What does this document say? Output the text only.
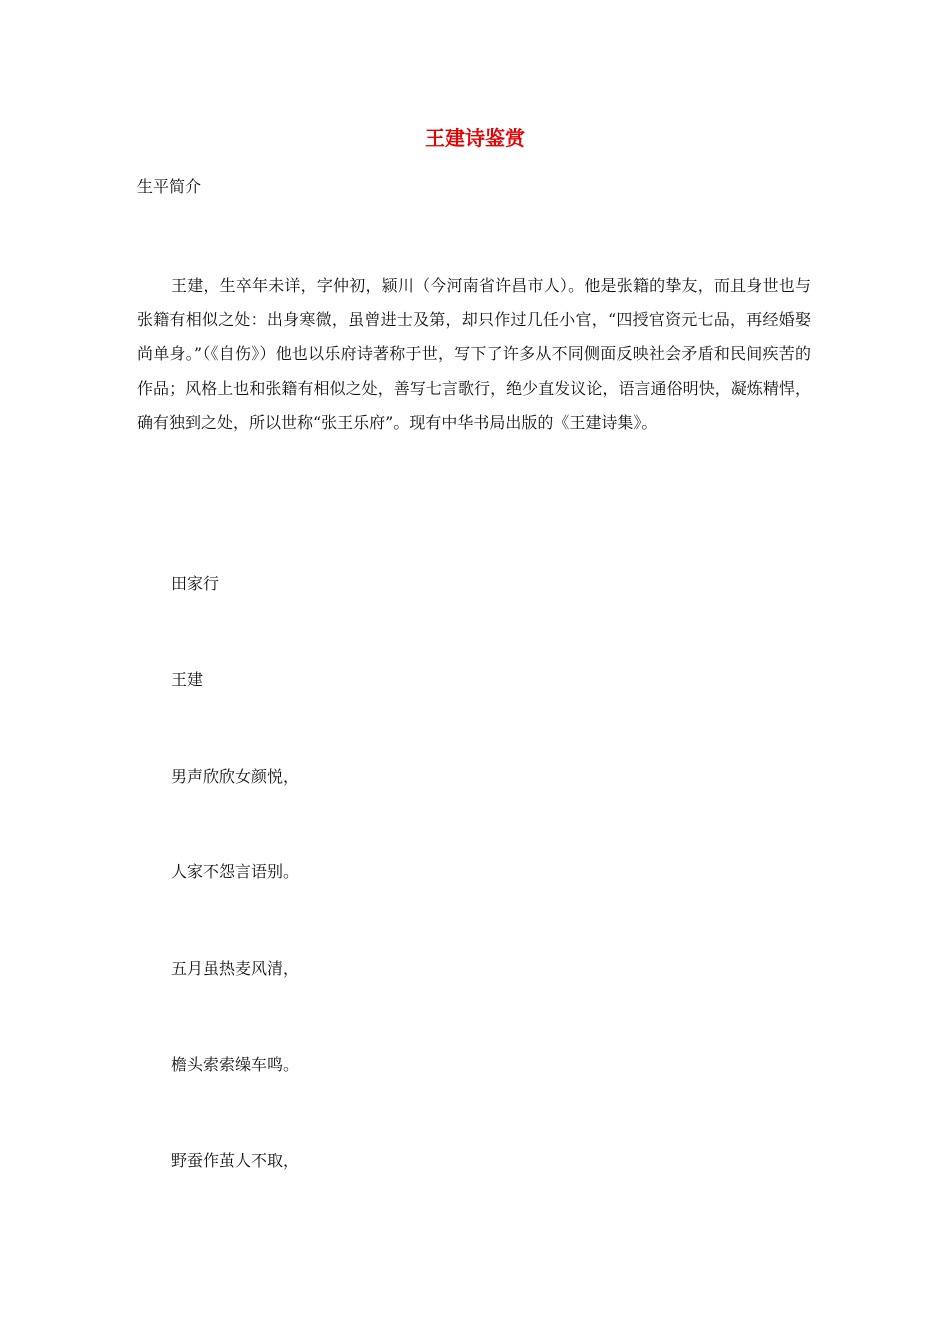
王建诗鉴赏
生平简介

王建，生卒年未详，字仲初，颍川（今河南省许昌市人）。他是张籍的挚友，而且身世也与张籍有相似之处：出身寒微，虽曾进士及第，却只作过几任小官，“四授官资元七品，再经婚娶尚单身。”（《自伤》）他也以乐府诗著称于世，写下了许多从不同侧面反映社会矛盾和民间疾苦的作品；风格上也和张籍有相似之处，善写七言歌行，绝少直发议论，语言通俗明快，凝炼精悍，确有独到之处，所以世称“张王乐府”。现有中华书局出版的《王建诗集》。

田家行
王建
男声欣欣女颜悦，
人家不怨言语别。
五月虽热麦风清，
檐头索索缲车鸣。
野蚕作茧人不取，
